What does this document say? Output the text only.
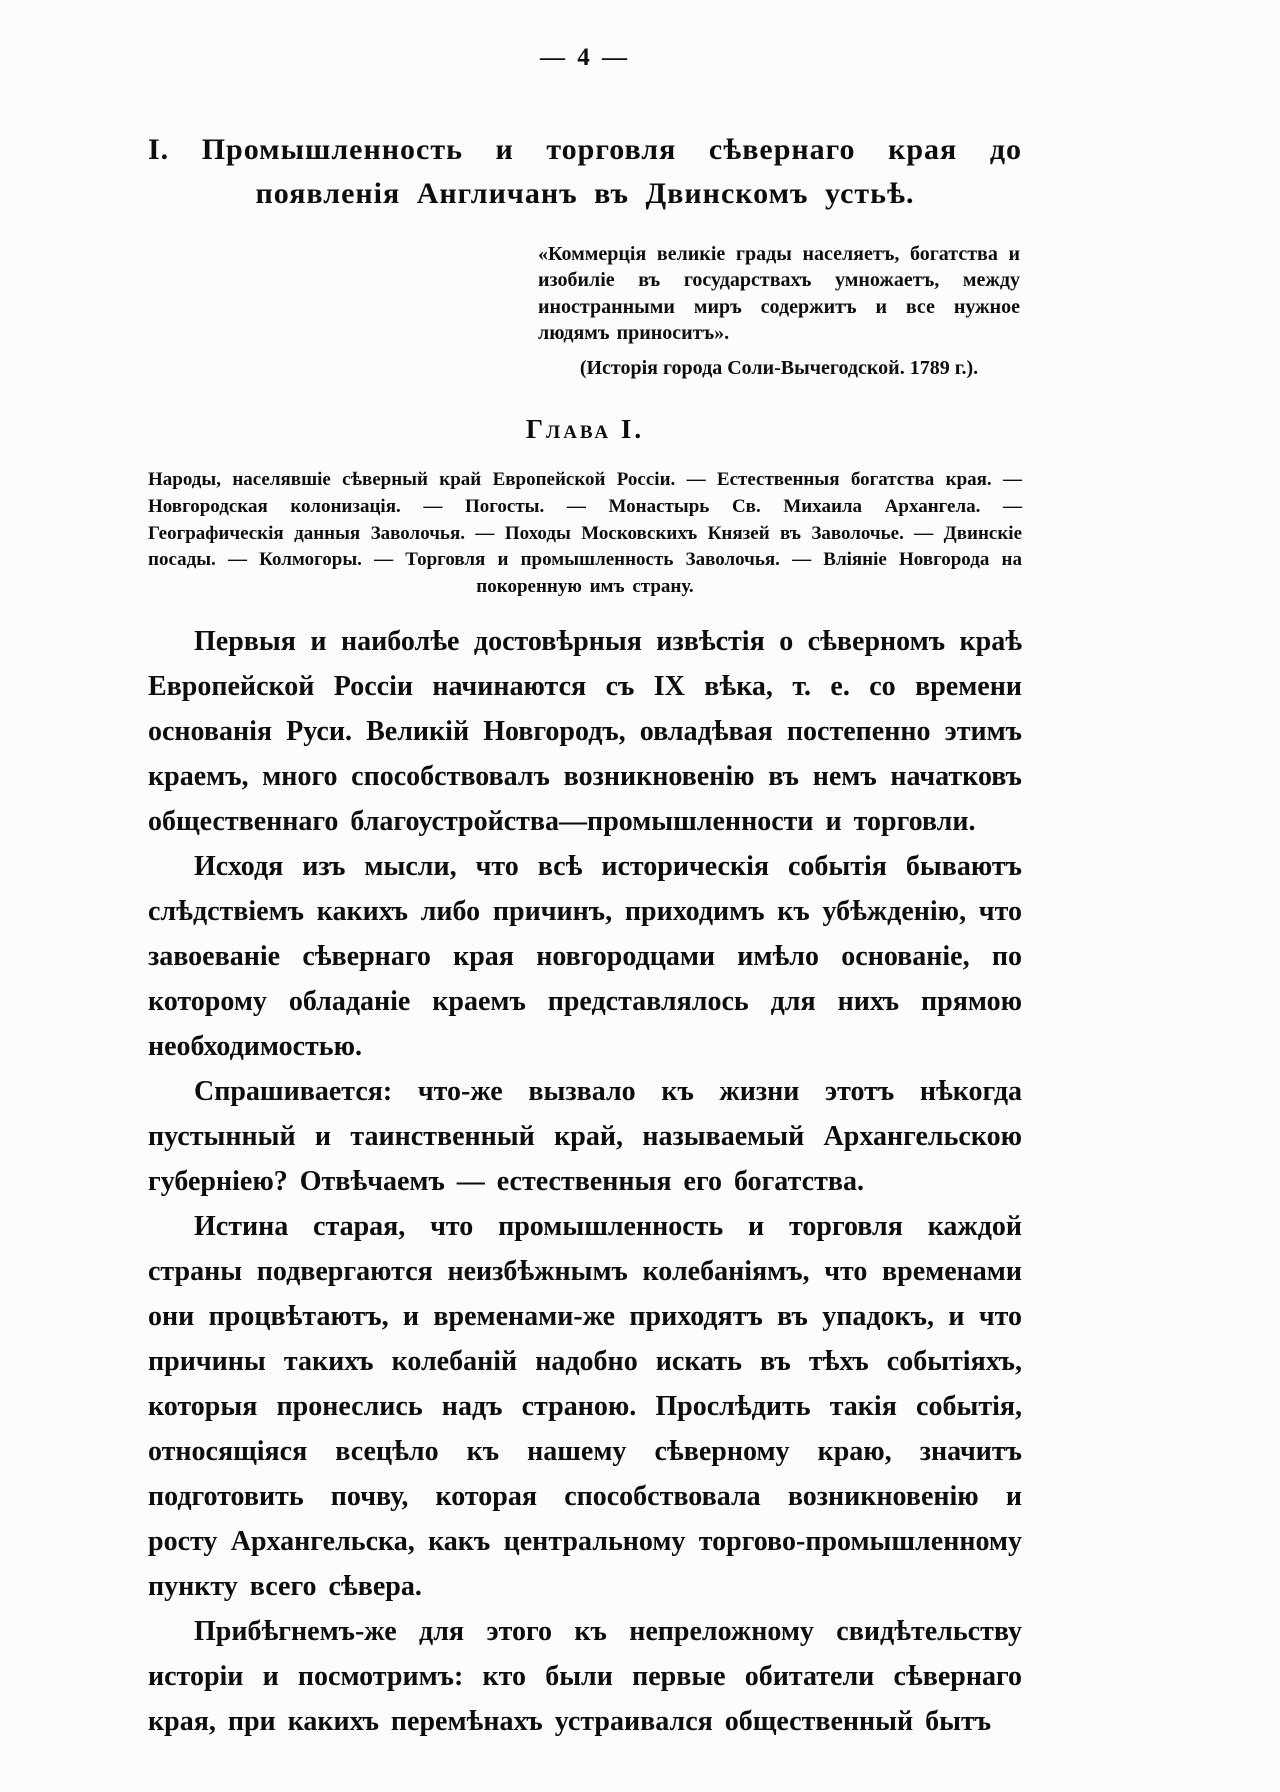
— 4 —
I. Промышленность и торговля сѣвернаго края до появленія Англичанъ въ Двинскомъ устьѣ.
«Коммерція великіе грады населяетъ, богатства и изобиліе въ государствахъ умножаетъ, между иностранными миръ содержитъ и все нужное людямъ приноситъ».
(Исторія города Соли-Вычегодской. 1789 г.).
Глава I.
Народы, населявшіе сѣверный край Европейской Россіи. — Естественныя богатства края. — Новгородская колонизація. — Погосты. — Монастырь Св. Михаила Архангела. — Географическія данныя Заволочья. — Походы Московскихъ Князей въ Заволочье. — Двинскіе посады. — Колмогоры. — Торговля и промышленность Заволочья. — Вліяніе Новгорода на покоренную имъ страну.

Первыя и наиболѣе достовѣрныя извѣстія о сѣверномъ краѣ Европейской Россіи начинаются съ IX вѣка, т. е. со времени основанія Руси. Великій Новгородъ, овладѣвая постепенно этимъ краемъ, много способствовалъ возникновенію въ немъ начатковъ общественнаго благоустройства—промышленности и торговли.

Исходя изъ мысли, что всѣ историческія событія бываютъ слѣдствіемъ какихъ либо причинъ, приходимъ къ убѣжденію, что завоеваніе сѣвернаго края новгородцами имѣло основаніе, по которому обладаніе краемъ представлялось для нихъ прямою необходимостью.

Спрашивается: что-же вызвало къ жизни этотъ нѣкогда пустынный и таинственный край, называемый Архангельскою губерніею? Отвѣчаемъ — естественныя его богатства.

Истина старая, что промышленность и торговля каждой страны подвергаются неизбѣжнымъ колебаніямъ, что временами они процвѣтаютъ, и временами-же приходятъ въ упадокъ, и что причины такихъ колебаній надобно искать въ тѣхъ событіяхъ, которыя пронеслись надъ страною. Прослѣдить такія событія, относящіяся всецѣло къ нашему сѣверному краю, значитъ подготовить почву, которая способствовала возникновенію и росту Архангельска, какъ центральному торгово-промышленному пункту всего сѣвера.

Прибѣгнемъ-же для этого къ непреложному свидѣтельству исторіи и посмотримъ: кто были первые обитатели сѣвернаго края, при какихъ перемѣнахъ устраивался общественный бытъ
